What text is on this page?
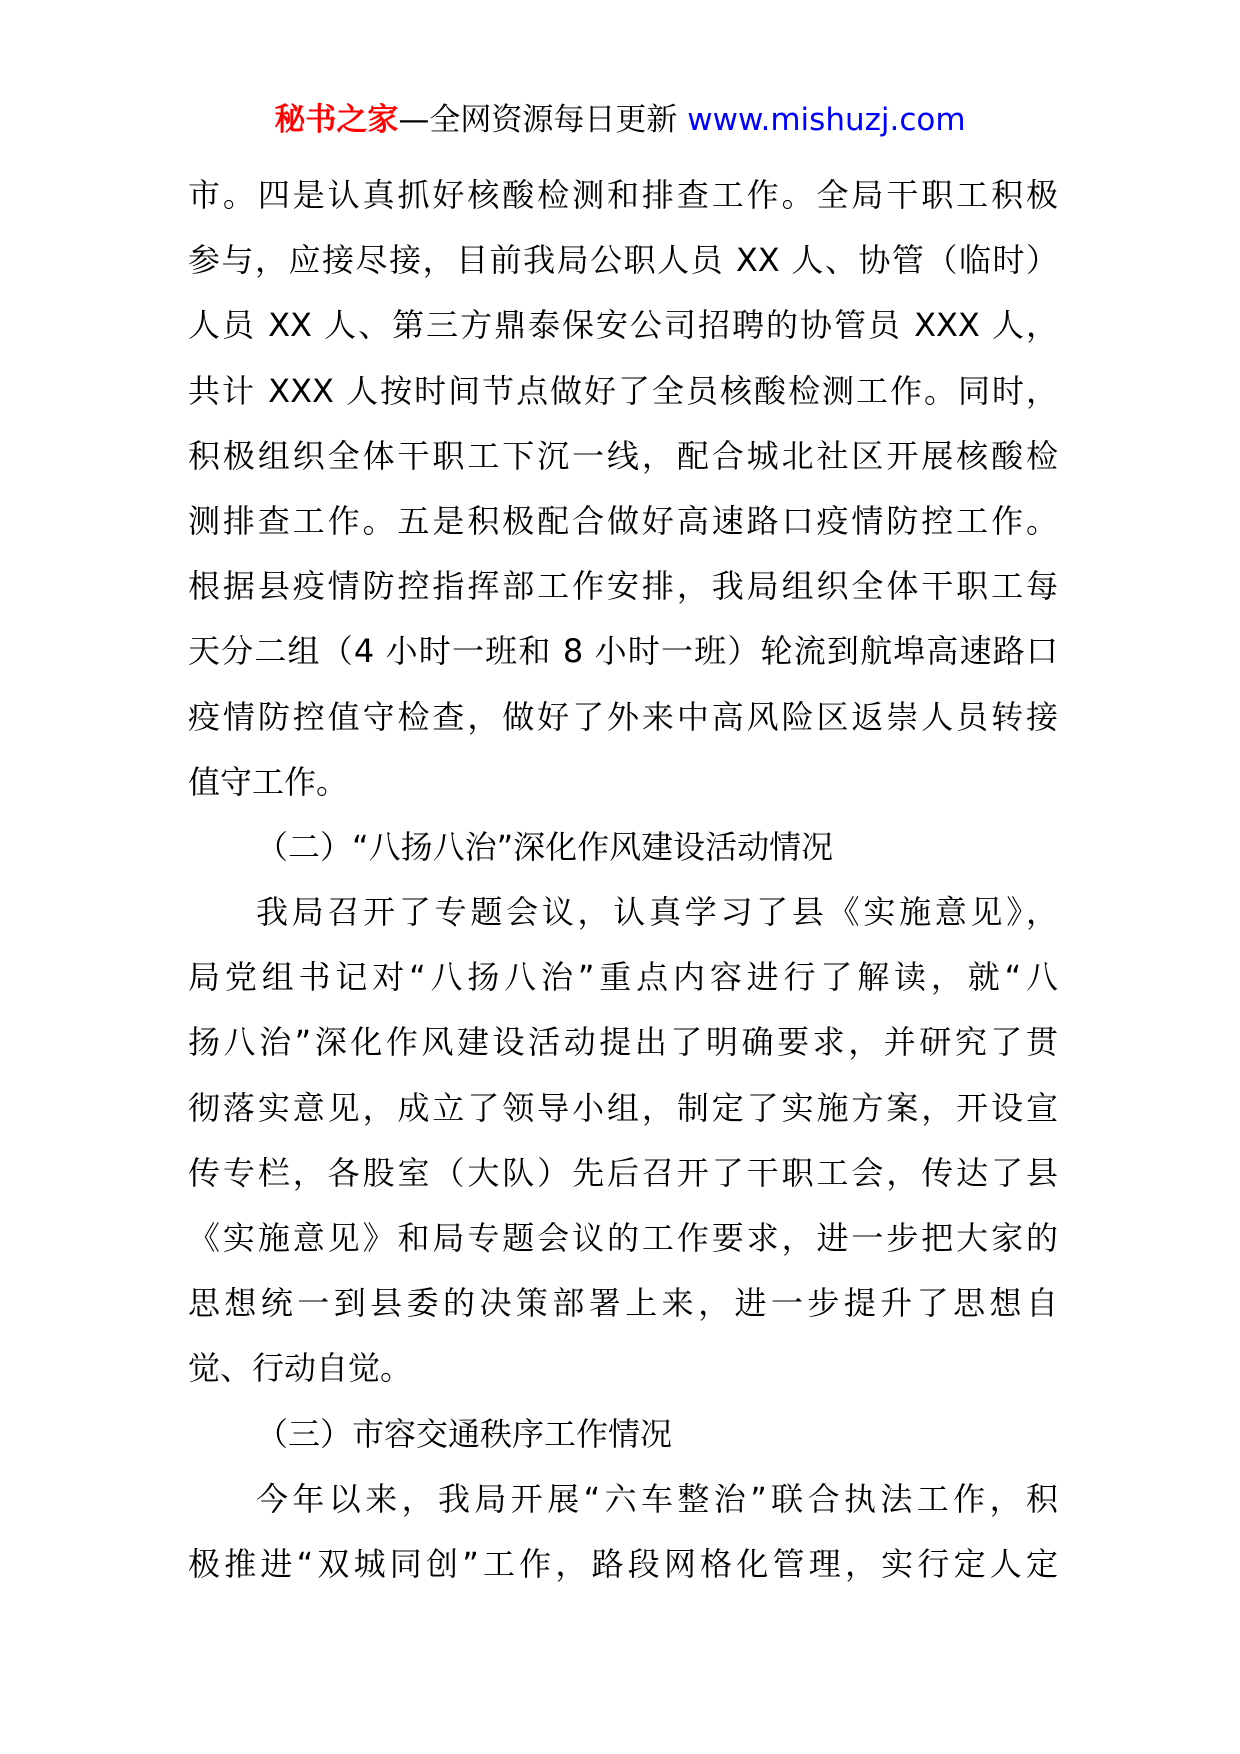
秘书之家—全网资源每日更新 www.mishuzj.com
市。四是认真抓好核酸检测和排查工作。全局干职工积极
参与，应接尽接，目前我局公职人员 XX 人、协管（临时）
人员 XX 人、第三方鼎泰保安公司招聘的协管员 XXX 人，
共计 XXX 人按时间节点做好了全员核酸检测工作。同时，
积极组织全体干职工下沉一线，配合城北社区开展核酸检
测排查工作。五是积极配合做好高速路口疫情防控工作。
根据县疫情防控指挥部工作安排，我局组织全体干职工每
天分二组（4 小时一班和 8 小时一班）轮流到航埠高速路口
疫情防控值守检查，做好了外来中高风险区返崇人员转接
值守工作。
（二）“八扬八治”深化作风建设活动情况
我局召开了专题会议，认真学习了县《实施意见》，
局党组书记对“八扬八治”重点内容进行了解读，就“八
扬八治”深化作风建设活动提出了明确要求，并研究了贯
彻落实意见，成立了领导小组，制定了实施方案，开设宣
传专栏，各股室（大队）先后召开了干职工会，传达了县
《实施意见》和局专题会议的工作要求，进一步把大家的
思想统一到县委的决策部署上来，进一步提升了思想自
觉、行动自觉。
（三）市容交通秩序工作情况
今年以来，我局开展“六车整治”联合执法工作，积
极推进“双城同创”工作，路段网格化管理，实行定人定
